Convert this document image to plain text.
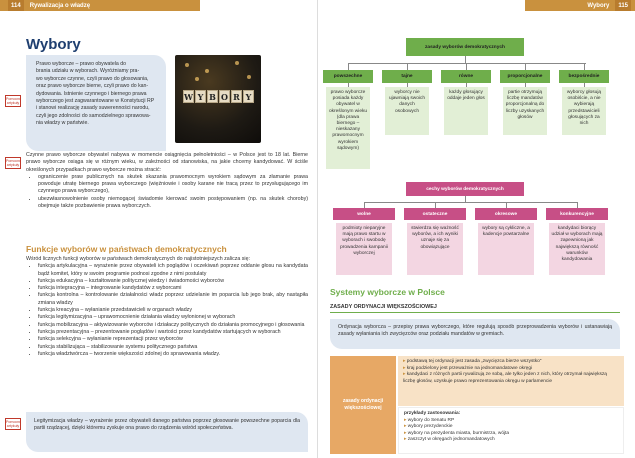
114	Rywalizacja o władzę
Wybory
Prawo wyborcze – prawo obywatela do
brania udziału w wyborach. Wyróżniamy pra-
wo wyborcze czynne, czyli prawo do głosowania,
oraz prawo wyborcze bierne, czyli prawo do kan-
dydowania. Istnienie czynnego i biernego prawa
wyborczego jest zagwarantowane w Konstytucji RP
i stanowi realizację zasady suwerenności narodu,
czyli jego zdolności do samodzielnego sprawowa-
nia władzy w państwie.
W Y B O R Y
Pomocne artykuły
Pomocne artykuły
Pomocne artykuły
Czynne prawo wyborcze obywatel nabywa w momencie osiągnięcia pełnoletniości – w Polsce jest to 18 lat. Bierne prawo wyborcze osiąga się w różnym wieku, w zależności od stanowiska, na jakie chcemy kandydować. W ściśle określonych przypadkach prawo wyborcze można stracić:
• ograniczenie praw publicznych na skutek skazania prawomocnym wyrokiem sądowym za złamanie prawa powoduje utratę biernego prawa wyborczego (więźniowie i osoby karane nie tracą przez to przysługującego im czynnego prawa wyborczego),
• ubezwłasnowolnienie osoby niemogącej świadomie kierować swoim postępowaniem (np. na skutek choroby) obejmuje także pozbawienie prawa wyborczych.
Funkcje wyborów w państwach demokratycznych
Wśród licznych funkcji wyborów w państwach demokratycznych do najistotniejszych zalicza się:
• funkcja artykulacyjna – wyrażenie przez obywateli ich poglądów i oczekiwań poprzez oddanie głosu na kandydata bądź komitet, który w swoim programie podnosi zgodne z nimi postulaty
• funkcja edukacyjna – kształtowanie politycznej wiedzy i świadomości wyborców
• funkcja integracyjna – integrowanie kandydatów z wyborcami
• funkcja kontrolna – kontrolowanie działalności władz poprzez udzielanie im poparcia lub jego brak, aby nastąpiła zmiana władzy
• funkcja kreacyjna – wyłanianie przedstawicieli w organach władzy
• funkcja legitymizacyjna – uprawomocnienie działania władzy wyłonionej w wyborach
• funkcja mobilizacyjna – aktywizowanie wyborców i działaczy politycznych do działania promocyjnego i głosowania
• funkcja prezentacyjna – prezentowanie poglądów i wartości przez kandydatów startujących w wyborach
• funkcja selekcyjna – wyłanianie reprezentacji przez wyborców
• funkcja stabilizująca – stabilizowanie systemu politycznego państwa
• funkcja władztwórcza – tworzenie większości zdolnej do sprawowania władzy.
Legitymizacja władzy – wyrażenie przez obywateli danego państwa poprzez głosowanie powszechne poparcia dla partii rządzącej, dzięki któremu zyskuje ona prawo do rządzenia wśród społeczeństwa.
Wybory	115
zasady wyborów demokratycznych
powszechne
prawo wyborcze posiada każdy obywatel w określonym wieku (dla prawa biernego – nieskazany prawomocnym wyrokiem sądowym)
tajne
wyborcy nie ujawniają swoich danych osobowych
równe
każdy głosujący oddaje jeden głos
proporcjonalne
partie otrzymują liczbę mandatów proporcjonalną do liczby uzyskanych głosów
bezpośrednie
wyborcy głosują osobiście, a nie wybierają przedstawicieli głosujących za nich
cechy wyborów demokratycznych
wolne
podmioty nieparyjne mają prawo startu w wyborach i swobodę prowadzenia kampanii wyborczej
ostateczne
stwierdza się ważność wyborów, a ich wyniki uznaje się za obowiązujące
okresowe
wybory są cykliczne, a kadencje powtarzalne
konkurencyjne
kandydaci biorący udział w wyborach mają zapewnioną jak największą równość warunków kandydowania
Systemy wyborcze w Polsce
ZASADY ORDYNACJI WIĘKSZOŚCIOWEJ
Ordynacja wyborcza – przepisy prawa wyborczego, które regulują sposób przeprowadzenia wyborów i ustanawiają zasady wyłaniania ich zwycięzców oraz podziału mandatów w gremiach.
zasady ordynacji większościowej
▸ podstawą tej ordynacji jest zasada „zwycięzca bierze wszystko"
▸ kraj podzielony jest przeważnie na jednomandatowe okręgi
▸ kandydaci z różnych partii rywalizują ze sobą, ale tylko jeden z nich, który otrzymał największą liczbę głosów, uzyskuje prawo reprezentowania okręgu w parlamencie
przykłady zastosowania:
▸ wybory do Senatu RP
▸ wybory prezydenckie
▸ wybory na prezydenta miasta, burmistrza, wójta
▸ zaszczyt w okręgach jednomandatowych
